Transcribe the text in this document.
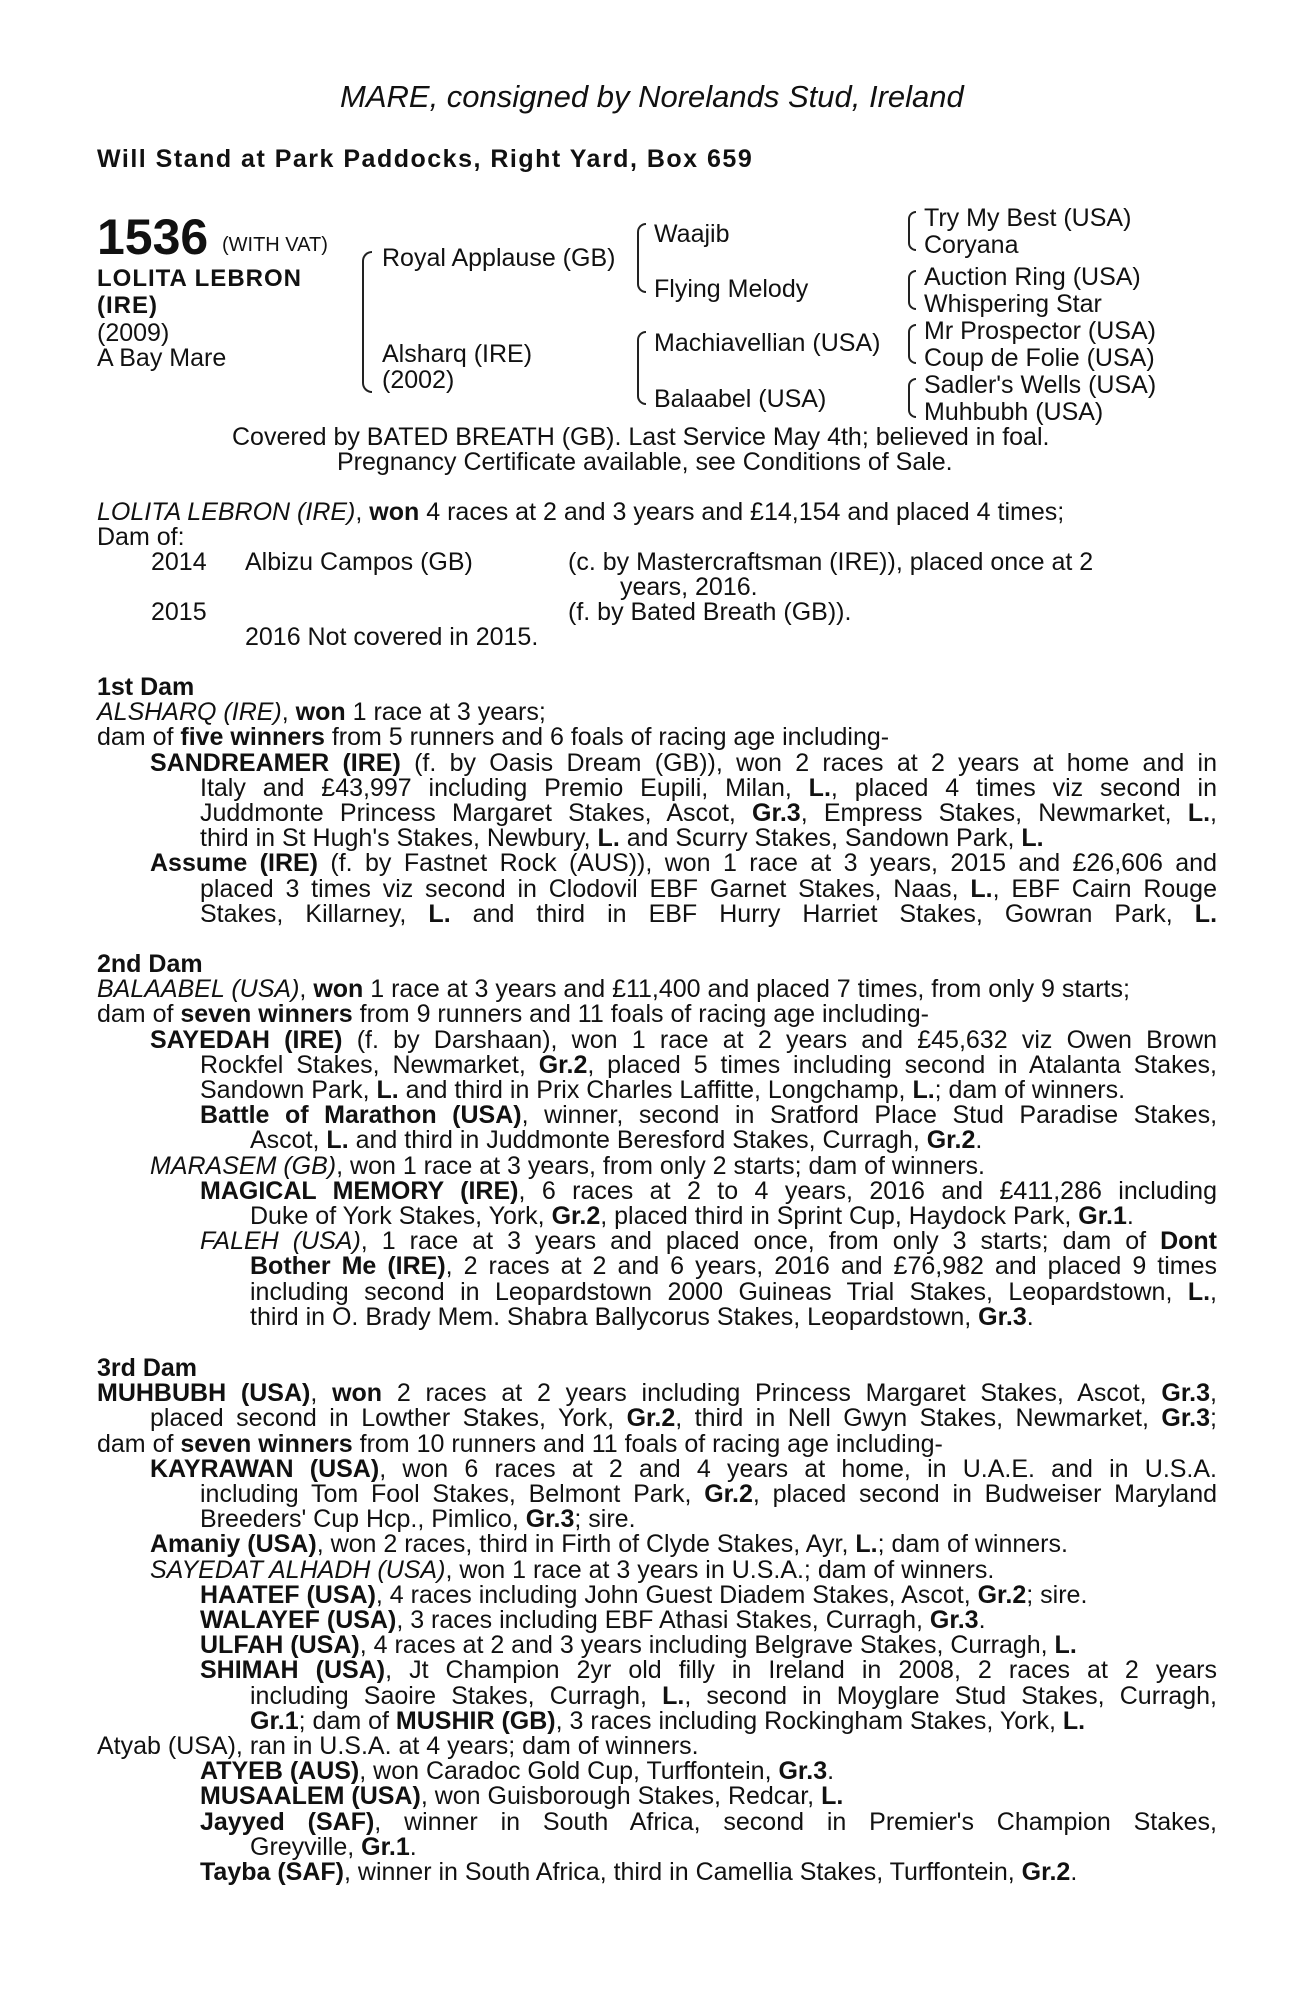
MARE, consigned by Norelands Stud, Ireland
Will Stand at Park Paddocks, Right Yard, Box 659
1536 (WITH VAT)
LOLITA LEBRON
(IRE)
(2009)
A Bay Mare
Royal Applause (GB)
Alsharq (IRE)
(2002)
Waajib
Flying Melody
Machiavellian (USA)
Balaabel (USA)
Try My Best (USA)
Coryana
Auction Ring (USA)
Whispering Star
Mr Prospector (USA)
Coup de Folie (USA)
Sadler's Wells (USA)
Muhbubh (USA)
Covered by BATED BREATH (GB). Last Service May 4th; believed in foal.
Pregnancy Certificate available, see Conditions of Sale.
LOLITA LEBRON (IRE), won 4 races at 2 and 3 years and £14,154 and placed 4 times;
Dam of:
2014 Albizu Campos (GB)	(c. by Mastercraftsman (IRE)), placed once at 2
years, 2016.
2015	(f. by Bated Breath (GB)).
2016 Not covered in 2015.
1st Dam
ALSHARQ (IRE), won 1 race at 3 years;
dam of five winners from 5 runners and 6 foals of racing age including-
SANDREAMER (IRE) (f. by Oasis Dream (GB)), won 2 races at 2 years at home and in
Italy and £43,997 including Premio Eupili, Milan, L., placed 4 times viz second in
Juddmonte Princess Margaret Stakes, Ascot, Gr.3, Empress Stakes, Newmarket, L.,
third in St Hugh's Stakes, Newbury, L. and Scurry Stakes, Sandown Park, L.
Assume (IRE) (f. by Fastnet Rock (AUS)), won 1 race at 3 years, 2015 and £26,606 and
placed 3 times viz second in Clodovil EBF Garnet Stakes, Naas, L., EBF Cairn Rouge
Stakes, Killarney, L. and third in EBF Hurry Harriet Stakes, Gowran Park, L.
2nd Dam
BALAABEL (USA), won 1 race at 3 years and £11,400 and placed 7 times, from only 9 starts;
dam of seven winners from 9 runners and 11 foals of racing age including-
SAYEDAH (IRE) (f. by Darshaan), won 1 race at 2 years and £45,632 viz Owen Brown
Rockfel Stakes, Newmarket, Gr.2, placed 5 times including second in Atalanta Stakes,
Sandown Park, L. and third in Prix Charles Laffitte, Longchamp, L.; dam of winners.
Battle of Marathon (USA), winner, second in Sratford Place Stud Paradise Stakes,
Ascot, L. and third in Juddmonte Beresford Stakes, Curragh, Gr.2.
MARASEM (GB), won 1 race at 3 years, from only 2 starts; dam of winners.
MAGICAL MEMORY (IRE), 6 races at 2 to 4 years, 2016 and £411,286 including
Duke of York Stakes, York, Gr.2, placed third in Sprint Cup, Haydock Park, Gr.1.
FALEH (USA), 1 race at 3 years and placed once, from only 3 starts; dam of Dont
Bother Me (IRE), 2 races at 2 and 6 years, 2016 and £76,982 and placed 9 times
including second in Leopardstown 2000 Guineas Trial Stakes, Leopardstown, L.,
third in O. Brady Mem. Shabra Ballycorus Stakes, Leopardstown, Gr.3.
3rd Dam
MUHBUBH (USA), won 2 races at 2 years including Princess Margaret Stakes, Ascot, Gr.3,
placed second in Lowther Stakes, York, Gr.2, third in Nell Gwyn Stakes, Newmarket, Gr.3;
dam of seven winners from 10 runners and 11 foals of racing age including-
KAYRAWAN (USA), won 6 races at 2 and 4 years at home, in U.A.E. and in U.S.A.
including Tom Fool Stakes, Belmont Park, Gr.2, placed second in Budweiser Maryland
Breeders' Cup Hcp., Pimlico, Gr.3; sire.
Amaniy (USA), won 2 races, third in Firth of Clyde Stakes, Ayr, L.; dam of winners.
SAYEDAT ALHADH (USA), won 1 race at 3 years in U.S.A.; dam of winners.
HAATEF (USA), 4 races including John Guest Diadem Stakes, Ascot, Gr.2; sire.
WALAYEF (USA), 3 races including EBF Athasi Stakes, Curragh, Gr.3.
ULFAH (USA), 4 races at 2 and 3 years including Belgrave Stakes, Curragh, L.
SHIMAH (USA), Jt Champion 2yr old filly in Ireland in 2008, 2 races at 2 years
including Saoire Stakes, Curragh, L., second in Moyglare Stud Stakes, Curragh,
Gr.1; dam of MUSHIR (GB), 3 races including Rockingham Stakes, York, L.
Atyab (USA), ran in U.S.A. at 4 years; dam of winners.
ATYEB (AUS), won Caradoc Gold Cup, Turffontein, Gr.3.
MUSAALEM (USA), won Guisborough Stakes, Redcar, L.
Jayyed (SAF), winner in South Africa, second in Premier's Champion Stakes,
Greyville, Gr.1.
Tayba (SAF), winner in South Africa, third in Camellia Stakes, Turffontein, Gr.2.
